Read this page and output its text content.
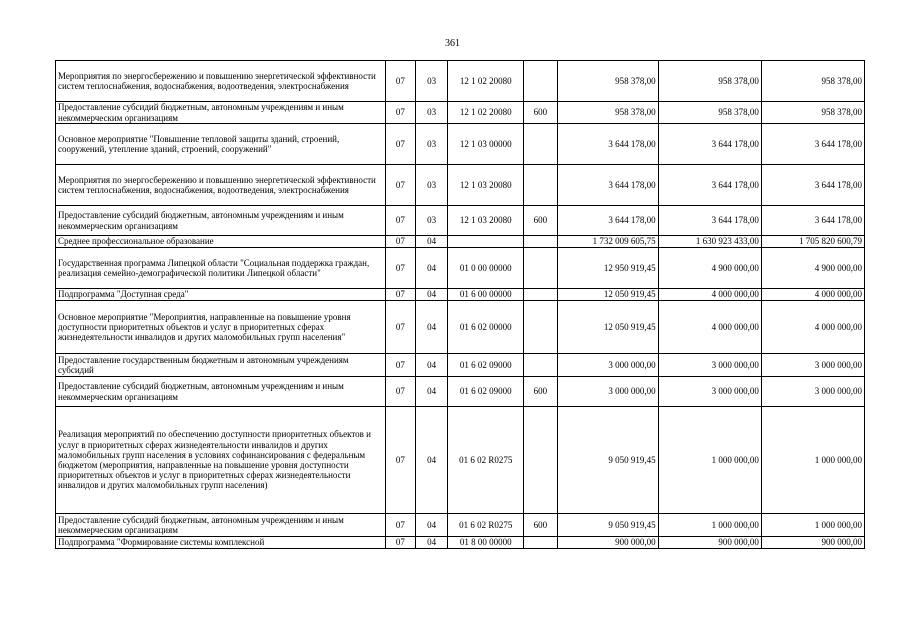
361
Мероприятия по энергосбережению и повышению энергетической эффективности систем теплоснабжения, водоснабжения, водоотведения, электроснабжения	07	03	12 1 02 20080		958 378,00	958 378,00	958 378,00
Предоставление субсидий бюджетным, автономным учреждениям и иным некоммерческим организациям	07	03	12 1 02 20080	600	958 378,00	958 378,00	958 378,00
Основное мероприятие "Повышение тепловой защиты зданий, строений, сооружений, утепление зданий, строений, сооружений"	07	03	12 1 03 00000		3 644 178,00	3 644 178,00	3 644 178,00
Мероприятия по энергосбережению и повышению энергетической эффективности систем теплоснабжения, водоснабжения, водоотведения, электроснабжения	07	03	12 1 03 20080		3 644 178,00	3 644 178,00	3 644 178,00
Предоставление субсидий бюджетным, автономным учреждениям и иным некоммерческим организациям	07	03	12 1 03 20080	600	3 644 178,00	3 644 178,00	3 644 178,00
Среднее профессиональное образование	07	04			1 732 009 605,75	1 630 923 433,00	1 705 820 600,79
Государственная программа Липецкой области "Социальная поддержка граждан, реализация семейно-демографической политики Липецкой области"	07	04	01 0 00 00000		12 950 919,45	4 900 000,00	4 900 000,00
Подпрограмма "Доступная среда"	07	04	01 6 00 00000		12 050 919,45	4 000 000,00	4 000 000,00
Основное мероприятие "Мероприятия, направленные на повышение уровня доступности приоритетных объектов и услуг в приоритетных сферах жизнедеятельности инвалидов и других маломобильных групп населения"	07	04	01 6 02 00000		12 050 919,45	4 000 000,00	4 000 000,00
Предоставление государственным бюджетным и автономным учреждениям субсидий	07	04	01 6 02 09000		3 000 000,00	3 000 000,00	3 000 000,00
Предоставление субсидий бюджетным, автономным учреждениям и иным некоммерческим организациям	07	04	01 6 02 09000	600	3 000 000,00	3 000 000,00	3 000 000,00
Реализация мероприятий по обеспечению доступности приоритетных объектов и услуг в приоритетных сферах жизнедеятельности инвалидов и других маломобильных групп населения в условиях софинансирования с федеральным бюджетом (мероприятия, направленные на повышение уровня доступности приоритетных объектов и услуг в приоритетных сферах жизнедеятельности инвалидов и других маломобильных групп населения)	07	04	01 6 02 R0275		9 050 919,45	1 000 000,00	1 000 000,00
Предоставление субсидий бюджетным, автономным учреждениям и иным некоммерческим организациям	07	04	01 6 02 R0275	600	9 050 919,45	1 000 000,00	1 000 000,00
Подпрограмма "Формирование системы комплексной	07	04	01 8 00 00000		900 000,00	900 000,00	900 000,00
